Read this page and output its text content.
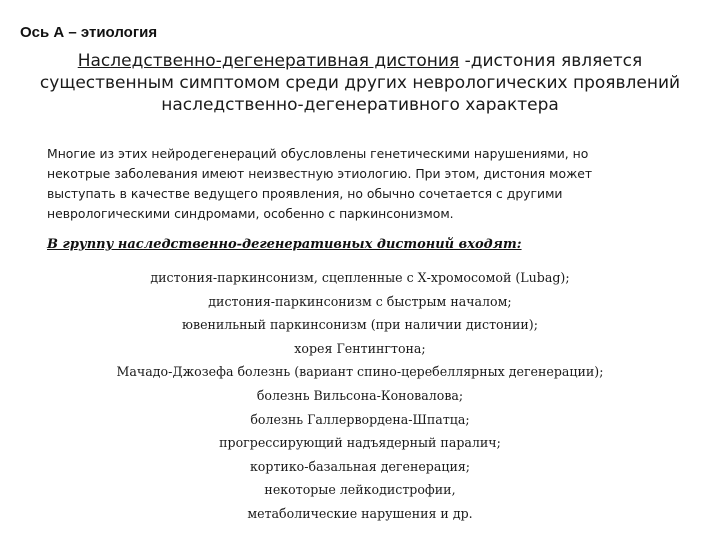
Ось А – этиология
Наследственно-дегенеративная дистония -дистония является
существенным симптомом среди других неврологических проявлений
наследственно-дегенеративного характера
Многие из этих нейродегенераций обусловлены генетическими нарушениями, но
некотрые заболевания имеют неизвестную этиологию. При этом, дистония может
выступать в качестве ведущего проявления, но обычно сочетается с другими
неврологическими синдромами, особенно с паркинсонизмом.
В группу наследственно-дегенеративных дистоний входят:
дистония-паркинсонизм, сцепленные с Х-хромосомой (Lubag);
дистония-паркинсонизм с быстрым началом;
ювенильный паркинсонизм (при наличии дистонии);
хорея Гентингтона;
Мачадо-Джозефа болезнь (вариант спино-церебеллярных дегенерации);
болезнь Вильсона-Коновалова;
болезнь Галлервордена-Шпатца;
прогрессирующий надъядерный паралич;
кортико-базальная дегенерация;
некоторые лейкодистрофии,
метаболические нарушения и др.
